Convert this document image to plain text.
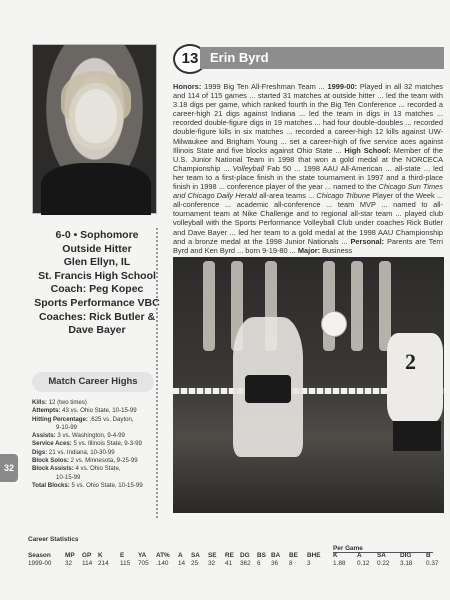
13 Erin Byrd
Honors: 1999 Big Ten All-Freshman Team ... 1999-00: Played in all 32 matches and 114 of 115 games ... started 31 matches at outside hitter ... led the team with 3.18 digs per game, which ranked fourth in the Big Ten Conference ... recorded a career-high 21 digs against Indiana ... led the team in digs in 13 matches ... recorded double-figure digs in 19 matches ... had four double-doubles ... recorded double-figure kills in six matches ... recorded a career-high 12 kills against UW-Milwaukee and Brigham Young ... set a career-high of five service aces against Illinois State and five blocks against Ohio State ... High School: Member of the U.S. Junior National Team in 1998 that won a gold medal at the NORCECA Championship ... Volleyball Fab 50 ... 1998 AAU All-American ... all-state ... led her team to a first-place finish in the state tournament in 1997 and a third-place finish in 1998 ... conference player of the year ... named to the Chicago Sun Times and Chicago Daily Herald all-area teams ... Chicago Tribune Player of the Week ... all-conference ... academic all-conference ... team MVP ... named to all-tournament team at Nike Challenge and to regional all-star team ... played club volleyball with the Sports Performance Volleyball Club under coaches Rick Butler and Dave Bayer ... led her team to a gold medal at the 1998 AAU Championship and a bronze medal at the 1998 Junior Nationals ... Personal: Parents are Terri Byrd and Ken Byrd ... born 9-19-80 ... Major: Business
6-0 • Sophomore
Outside Hitter
Glen Ellyn, IL
St. Francis High School
Coach: Peg Kopec
Sports Performance VBC
Coaches: Rick Butler &
Dave Bayer
Match Career Highs
Kills: 12 (two times)
Attempts: 43 vs. Ohio State, 10-15-99
Hitting Percentage: .625 vs. Dayton,
9-10-99
Assists: 3 vs. Washington, 9-4-99
Service Aces: 5 vs. Illinois State, 9-3-99
Digs: 21 vs. Indiana, 10-30-99
Block Solos: 2 vs. Minnesota, 9-25-99
Block Assists: 4 vs. Ohio State,
10-15-99
Total Blocks: 5 vs. Ohio State, 10-15-99
32
2
Career Statistics
Per Game
Season MP GP K	E YA AT% A SA SE RE DG BS BA BE BHE K	A SA DIG B
1999-00 32 114 214 115 705 .140 14 25 32 41 362 6 36 8 3	1.88 0.12 0.22 3.18 0.37
